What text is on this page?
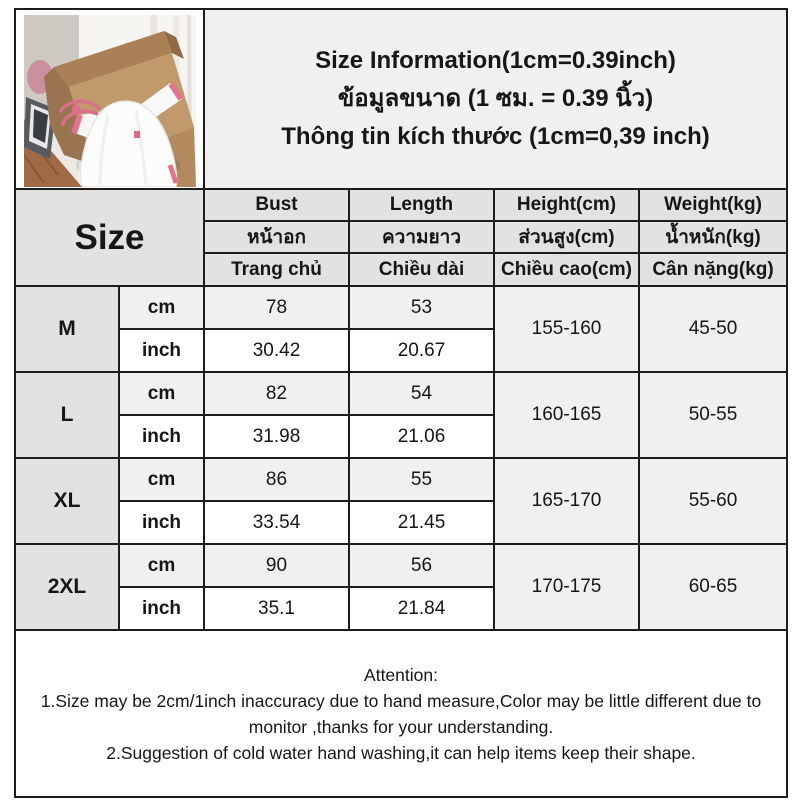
Size Information(1cm=0.39inch)
ข้อมูลขนาด (1 ซม. = 0.39 นิ้ว)
Thông tin kích thước (1cm=0,39 inch)			

Size		Bust	Length	Height(cm)	Weight(kg)
		หน้าอก	ความยาว	ส่วนสูง(cm)	น้ำหนัก(kg)
		Trang chủ	Chiều dài	Chiều cao(cm)	Cân nặng(kg)
M	cm	78	53	155-160	45-50
	inch	30.42	20.67		
L	cm	82	54	160-165	50-55
	inch	31.98	21.06		
XL	cm	86	55	165-170	55-60
	inch	33.54	21.45		
2XL	cm	90	56	170-175	60-65
	inch	35.1	21.84		

Attention:

1.Size may be 2cm/1inch inaccuracy due to hand measure,Color may be little different due to monitor ,thanks for your understanding.

2.Suggestion of cold water hand washing,it can help items keep their shape.					
